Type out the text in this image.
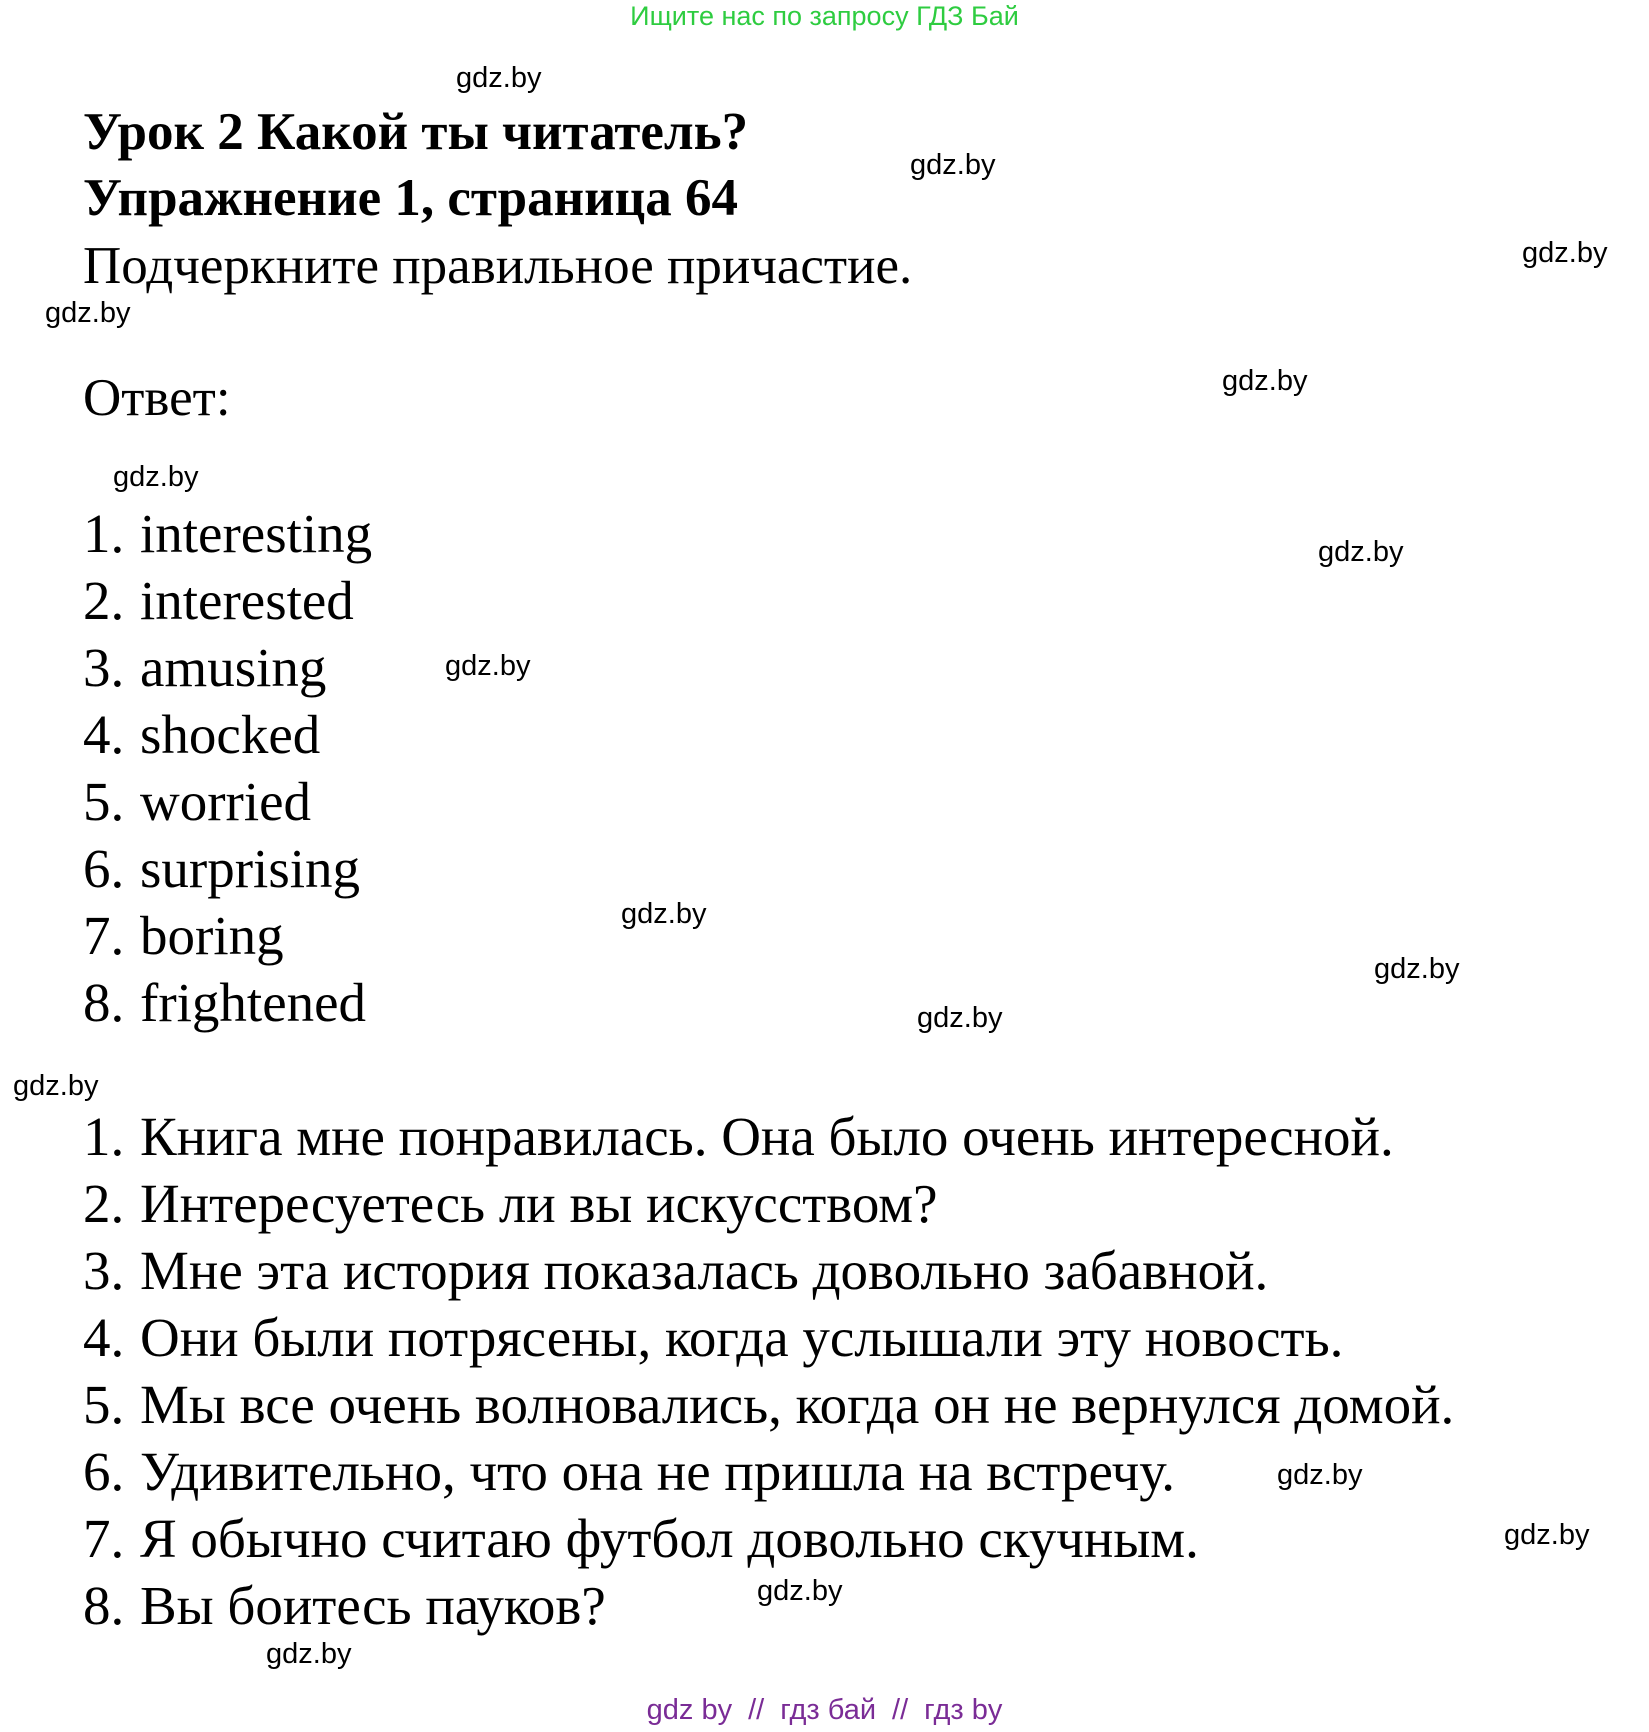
Ищите нас по запросу ГДЗ Бай
Урок 2 Какой ты читатель?
Упражнение 1, страница 64
Подчеркните правильное причастие.
Ответ:
1. interesting
2. interested
3. amusing
4. shocked
5. worried
6. surprising
7. boring
8. frightened
1. Книга мне понравилась. Она было очень интересной.
2. Интересуетесь ли вы искусством?
3. Мне эта история показалась довольно забавной.
4. Они были потрясены, когда услышали эту новость.
5. Мы все очень волновались, когда он не вернулся домой.
6. Удивительно, что она не пришла на встречу.
7. Я обычно считаю футбол довольно скучным.
8. Вы боитесь пауков?
gdz.by
gdz.by
gdz.by
gdz.by
gdz.by
gdz.by
gdz.by
gdz.by
gdz.by
gdz.by
gdz.by
gdz.by
gdz.by
gdz.by
gdz.by
gdz.by
gdz by // гдз бай // гдз by
